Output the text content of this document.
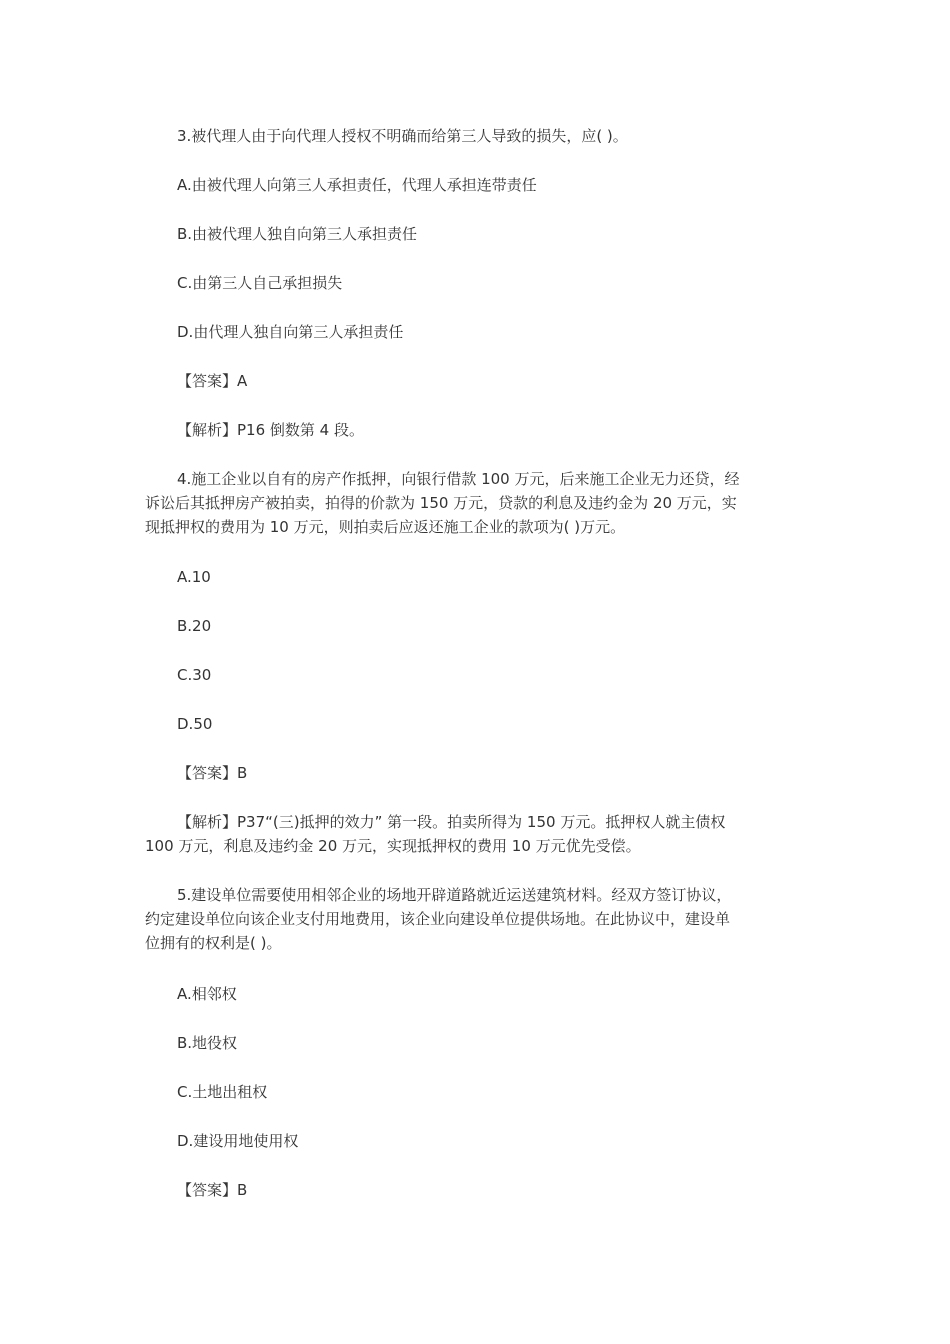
3.被代理人由于向代理人授权不明确而给第三人导致的损失，应( )。

A.由被代理人向第三人承担责任，代理人承担连带责任

B.由被代理人独自向第三人承担责任

C.由第三人自己承担损失

D.由代理人独自向第三人承担责任

【答案】A

【解析】P16 倒数第 4 段。

4.施工企业以自有的房产作抵押，向银行借款 100 万元，后来施工企业无力还贷，经

诉讼后其抵押房产被拍卖，拍得的价款为 150 万元，贷款的利息及违约金为 20 万元，实

现抵押权的费用为 10 万元，则拍卖后应返还施工企业的款项为( )万元。

A.10

B.20

C.30

D.50

【答案】B

【解析】P37“(三)抵押的效力” 第一段。拍卖所得为 150 万元。抵押权人就主债权

100 万元，利息及违约金 20 万元，实现抵押权的费用 10 万元优先受偿。

5.建设单位需要使用相邻企业的场地开辟道路就近运送建筑材料。经双方签订协议，

约定建设单位向该企业支付用地费用，该企业向建设单位提供场地。在此协议中，建设单

位拥有的权利是( )。

A.相邻权

B.地役权

C.土地出租权

D.建设用地使用权

【答案】B
